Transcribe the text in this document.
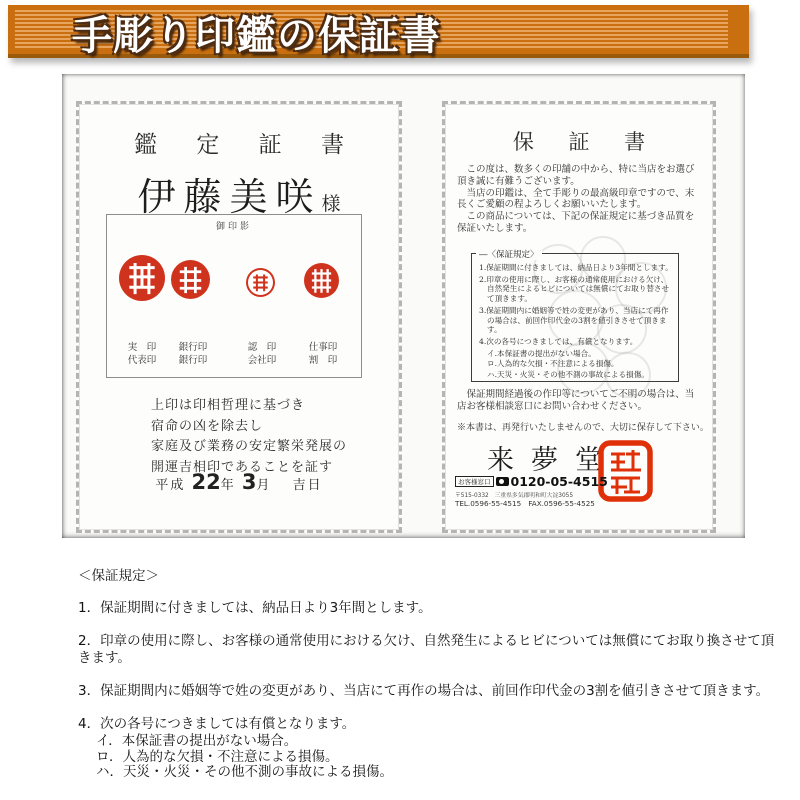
手彫り印鑑の保証書
鑑 定 証 書
伊藤美咲様
御印影
実　印
代表印
銀行印
銀行印
認　印
会社印
仕事印
割　印
上印は印相哲理に基づき
宿命の凶を除去し
家庭及び業務の安定繁栄発展の
開運吉相印であることを証す
平成 22年 3月 　 吉日
保 証 書

この度は、数多くの印舗の中から、特に当店をお選び頂き誠に有難うございます。

当店の印鑑は、全て手彫りの最高級印章ですので、末長くご愛顧の程よろしくお願いいたします。

この商品については、下記の保証規定に基づき品質を保証いたします。

―〈保証規定〉
1.保証期間に付きましては、納品日より3年間とします。
2.印章の使用に際し、お客様の通常使用における欠け、自然発生によるヒビについては無償にてお取り替させて頂きます。
3.保証期間内に婚姻等で姓の変更があり、当店にて再作の場合は、前回作印代金の3割を値引きさせて頂きます。
4.次の各号につきましては、有償となります。
イ.本保証書の提出がない場合。
ロ.人為的な欠損・不注意による損傷。
ハ.天災・火災・その他不測の事故による損傷。
保証期間経過後の作印等についてご不明の場合は、当店お客様相談窓口にお問い合わせください。
※本書は、再発行いたしませんので、大切に保存して下さい。
来夢堂
お客様窓口 0120-05-4515
〒515-0332　三重県多気郡明和町大淀3055
TEL.0596-55-4515　FAX.0596-55-4525

＜保証規定＞

1．保証期間に付きましては、納品日より3年間とします。

2．印章の使用に際し、お客様の通常使用における欠け、自然発生によるヒビについては無償にてお取り換させて頂きます。

3．保証期間内に婚姻等で姓の変更があり、当店にて再作の場合は、前回作印代金の3割を値引きさせて頂きます。

4．次の各号につきましては有償となります。

イ．本保証書の提出がない場合。
ロ．人為的な欠損・不注意による損傷。
ハ．天災・火災・その他不測の事故による損傷。
